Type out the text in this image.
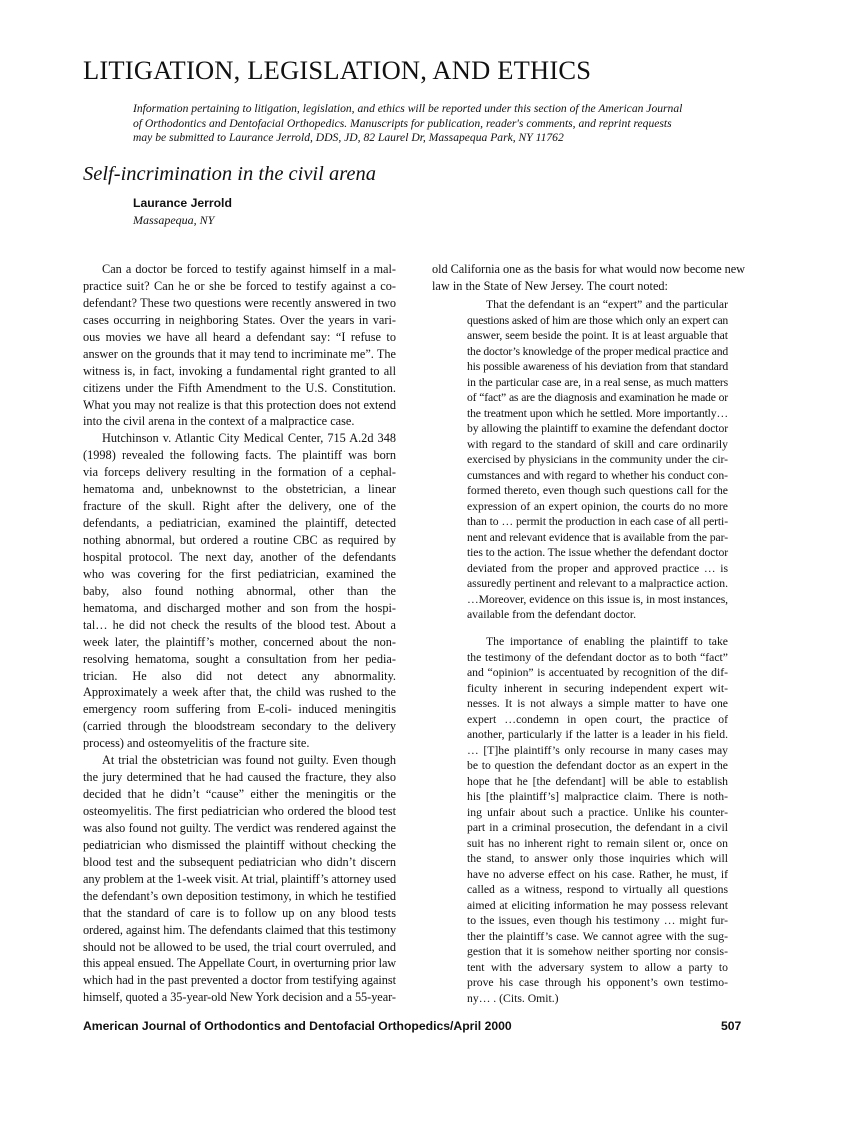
LITIGATION, LEGISLATION, AND ETHICS
Information pertaining to litigation, legislation, and ethics will be reported under this section of the American Journal
of Orthodontics and Dentofacial Orthopedics. Manuscripts for publication, reader's comments, and reprint requests
may be submitted to Laurance Jerrold, DDS, JD, 82 Laurel Dr, Massapequa Park, NY 11762
Self-incrimination in the civil arena
Laurance Jerrold
Massapequa, NY
Can a doctor be forced to testify against himself in a mal-
practice suit? Can he or she be forced to testify against a co-
defendant? These two questions were recently answered in two
cases occurring in neighboring States. Over the years in vari-
ous movies we have all heard a defendant say: “I refuse to
answer on the grounds that it may tend to incriminate me”. The
witness is, in fact, invoking a fundamental right granted to all
citizens under the Fifth Amendment to the U.S. Constitution.
What you may not realize is that this protection does not extend
into the civil arena in the context of a malpractice case.
Hutchinson v. Atlantic City Medical Center, 715 A.2d 348
(1998) revealed the following facts. The plaintiff was born
via forceps delivery resulting in the formation of a cephal-
hematoma and, unbeknownst to the obstetrician, a linear
fracture of the skull. Right after the delivery, one of the
defendants, a pediatrician, examined the plaintiff, detected
nothing abnormal, but ordered a routine CBC as required by
hospital protocol. The next day, another of the defendants
who was covering for the first pediatrician, examined the
baby, also found nothing abnormal, other than the
hematoma, and discharged mother and son from the hospi-
tal… he did not check the results of the blood test. About a
week later, the plaintiff’s mother, concerned about the non-
resolving hematoma, sought a consultation from her pedia-
trician. He also did not detect any abnormality.
Approximately a week after that, the child was rushed to the
emergency room suffering from E-coli- induced meningitis
(carried through the bloodstream secondary to the delivery
process) and osteomyelitis of the fracture site.
At trial the obstetrician was found not guilty. Even though
the jury determined that he had caused the fracture, they also
decided that he didn’t “cause” either the meningitis or the
osteomyelitis. The first pediatrician who ordered the blood test
was also found not guilty. The verdict was rendered against the
pediatrician who dismissed the plaintiff without checking the
blood test and the subsequent pediatrician who didn’t discern
any problem at the 1-week visit. At trial, plaintiff’s attorney used
the defendant’s own deposition testimony, in which he testified
that the standard of care is to follow up on any blood tests
ordered, against him. The defendants claimed that this testimony
should not be allowed to be used, the trial court overruled, and
this appeal ensued. The Appellate Court, in overturning prior law
which had in the past prevented a doctor from testifying against
himself, quoted a 35-year-old New York decision and a 55-year-
old California one as the basis for what would now become new
law in the State of New Jersey. The court noted:
That the defendant is an “expert” and the particular
questions asked of him are those which only an expert can
answer, seem beside the point. It is at least arguable that
the doctor’s knowledge of the proper medical practice and
his possible awareness of his deviation from that standard
in the particular case are, in a real sense, as much matters
of “fact” as are the diagnosis and examination he made or
the treatment upon which he settled. More importantly…
by allowing the plaintiff to examine the defendant doctor
with regard to the standard of skill and care ordinarily
exercised by physicians in the community under the cir-
cumstances and with regard to whether his conduct con-
formed thereto, even though such questions call for the
expression of an expert opinion, the courts do no more
than to … permit the production in each case of all perti-
nent and relevant evidence that is available from the par-
ties to the action. The issue whether the defendant doctor
deviated from the proper and approved practice … is
assuredly pertinent and relevant to a malpractice action.
…Moreover, evidence on this issue is, in most instances,
available from the defendant doctor.
The importance of enabling the plaintiff to take
the testimony of the defendant doctor as to both “fact”
and “opinion” is accentuated by recognition of the dif-
ficulty inherent in securing independent expert wit-
nesses. It is not always a simple matter to have one
expert …condemn in open court, the practice of
another, particularly if the latter is a leader in his field.
… [T]he plaintiff’s only recourse in many cases may
be to question the defendant doctor as an expert in the
hope that he [the defendant] will be able to establish
his [the plaintiff’s] malpractice claim. There is noth-
ing unfair about such a practice. Unlike his counter-
part in a criminal prosecution, the defendant in a civil
suit has no inherent right to remain silent or, once on
the stand, to answer only those inquiries which will
have no adverse effect on his case. Rather, he must, if
called as a witness, respond to virtually all questions
aimed at eliciting information he may possess relevant
to the issues, even though his testimony … might fur-
ther the plaintiff’s case. We cannot agree with the sug-
gestion that it is somehow neither sporting nor consis-
tent with the adversary system to allow a party to
prove his case through his opponent’s own testimo-
ny… . (Cits. Omit.)
American Journal of Orthodontics and Dentofacial Orthopedics/April 2000	507
